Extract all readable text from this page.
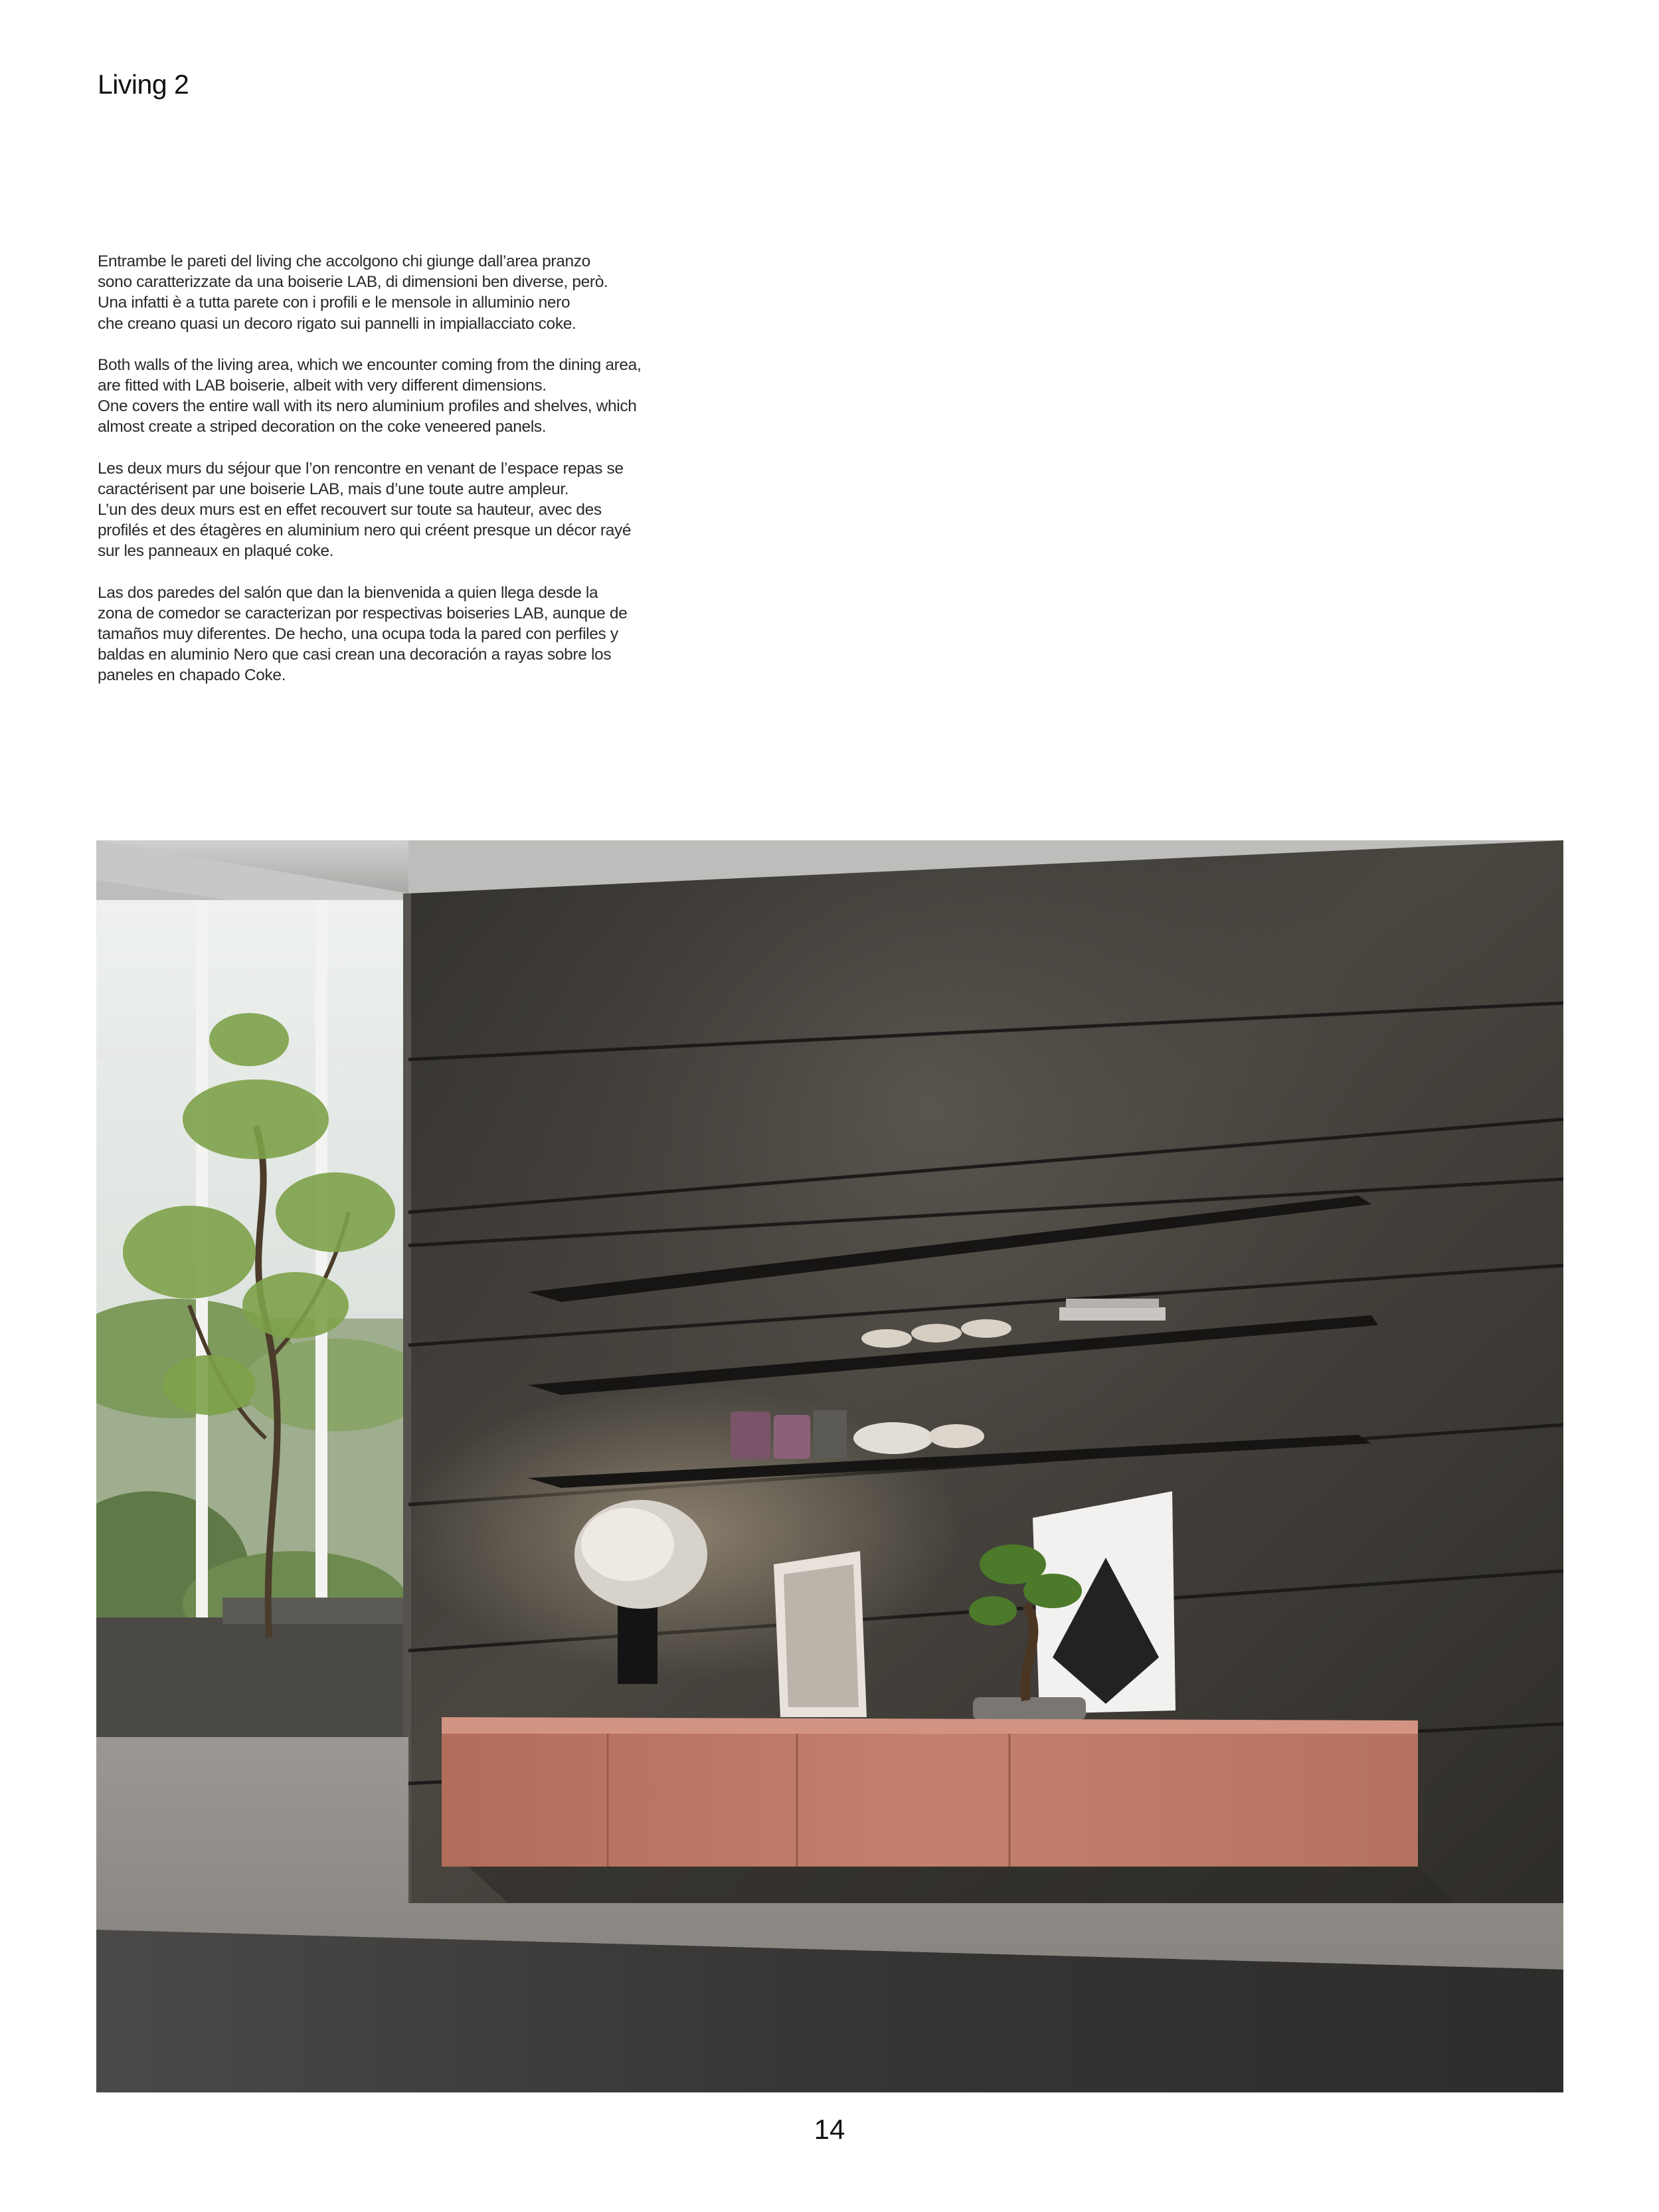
Living 2

Entrambe le pareti del living che accolgono chi giunge dall’area pranzo
sono caratterizzate da una boiserie LAB, di dimensioni ben diverse, però.
Una infatti è a tutta parete con i profili e le mensole in alluminio nero
che creano quasi un decoro rigato sui pannelli in impiallacciato coke.

Both walls of the living area, which we encounter coming from the dining area,
are fitted with LAB boiserie, albeit with very different dimensions.
One covers the entire wall with its nero aluminium profiles and shelves, which
almost create a striped decoration on the coke veneered panels.

Les deux murs du séjour que l’on rencontre en venant de l’espace repas se
caractérisent par une boiserie LAB, mais d’une toute autre ampleur.
L’un des deux murs est en effet recouvert sur toute sa hauteur, avec des
profilés et des étagères en aluminium nero qui créent presque un décor rayé
sur les panneaux en plaqué coke.

Las dos paredes del salón que dan la bienvenida a quien llega desde la
zona de comedor se caracterizan por respectivas boiseries LAB, aunque de
tamaños muy diferentes. De hecho, una ocupa toda la pared con perfiles y
baldas en aluminio Nero que casi crean una decoración a rayas sobre los
paneles en chapado Coke.

14
